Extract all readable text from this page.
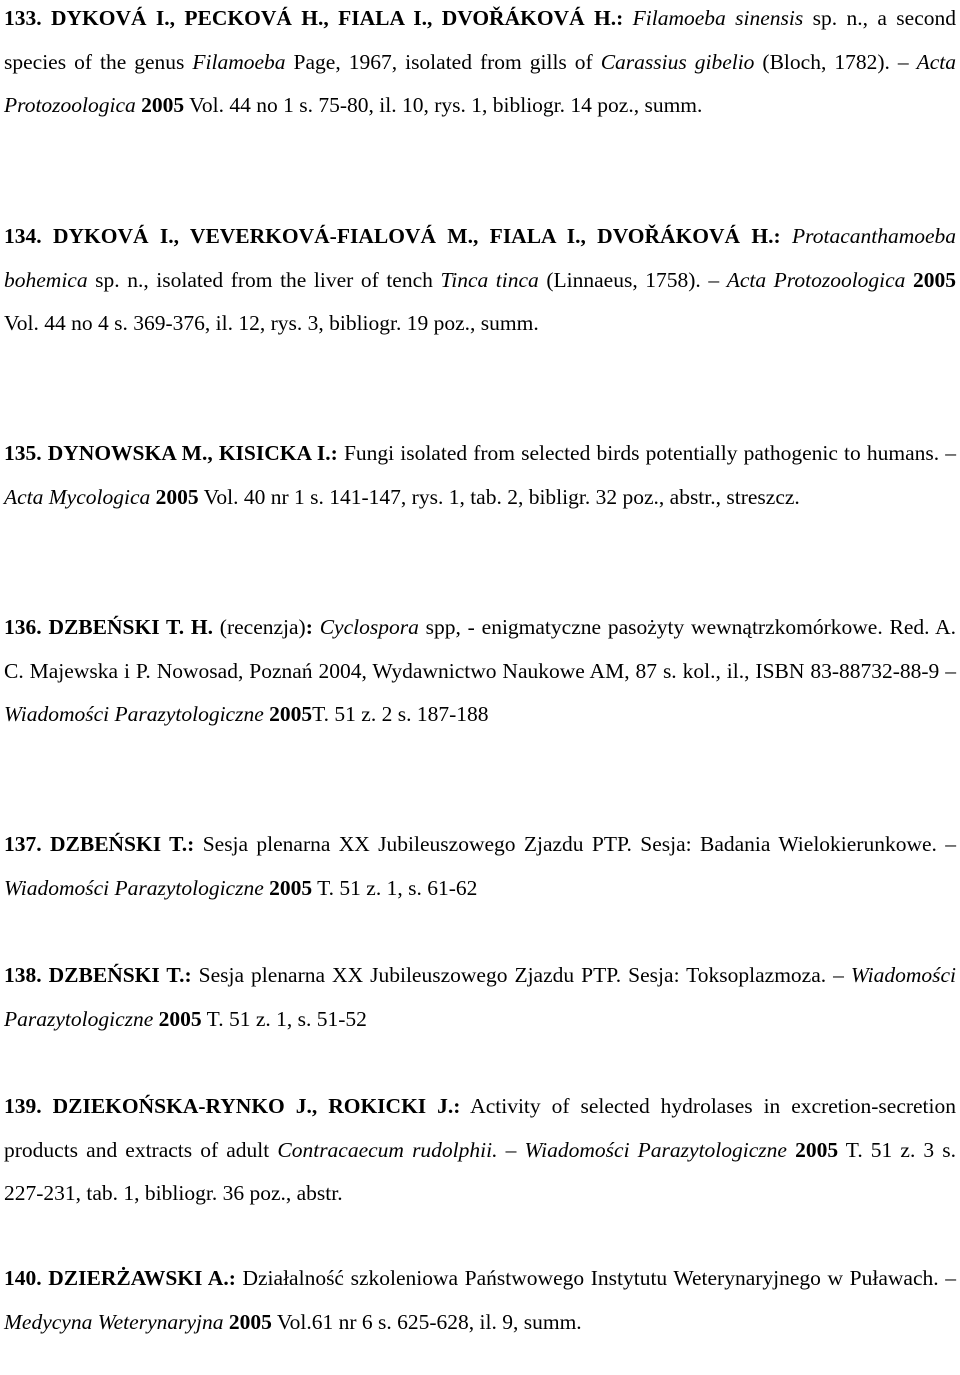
133. DYKOVÁ I., PECKOVÁ H., FIALA I., DVOŘÁKOVÁ H.: Filamoeba sinensis sp. n., a second species of the genus Filamoeba Page, 1967, isolated from gills of Carassius gibelio (Bloch, 1782). – Acta Protozoologica 2005 Vol. 44 no 1 s. 75-80, il. 10, rys. 1, bibliogr. 14 poz., summ.
134. DYKOVÁ I., VEVERKOVÁ-FIALOVÁ M., FIALA I., DVOŘÁKOVÁ H.: Protacanthamoeba bohemica sp. n., isolated from the liver of tench Tinca tinca (Linnaeus, 1758). – Acta Protozoologica 2005 Vol. 44 no 4 s. 369-376, il. 12, rys. 3, bibliogr. 19 poz., summ.
135. DYNOWSKA M., KISICKA I.: Fungi isolated from selected birds potentially pathogenic to humans. – Acta Mycologica 2005 Vol. 40 nr 1 s. 141-147, rys. 1, tab. 2, bibligr. 32 poz., abstr., streszcz.
136. DZBEŃSKI T. H. (recenzja): Cyclospora spp, - enigmatyczne pasożyty wewnątrzkomórkowe. Red. A. C. Majewska i P. Nowosad, Poznań 2004, Wydawnictwo Naukowe AM, 87 s. kol., il., ISBN 83-88732-88-9 – Wiadomości Parazytologiczne 2005T. 51 z. 2 s. 187-188
137. DZBEŃSKI T.: Sesja plenarna XX Jubileuszowego Zjazdu PTP. Sesja: Badania Wielokierunkowe. – Wiadomości Parazytologiczne 2005 T. 51 z. 1, s. 61-62
138. DZBEŃSKI T.: Sesja plenarna XX Jubileuszowego Zjazdu PTP. Sesja: Toksoplazmoza. – Wiadomości Parazytologiczne 2005 T. 51 z. 1, s. 51-52
139. DZIEKOŃSKA-RYNKO J., ROKICKI J.: Activity of selected hydrolases in excretion-secretion products and extracts of adult Contracaecum rudolphii. – Wiadomości Parazytologiczne 2005 T. 51 z. 3 s. 227-231, tab. 1, bibliogr. 36 poz., abstr.
140. DZIERŻAWSKI A.: Działalność szkoleniowa Państwowego Instytutu Weterynaryjnego w Puławach. – Medycyna Weterynaryjna 2005 Vol.61 nr 6 s. 625-628, il. 9, summ.
